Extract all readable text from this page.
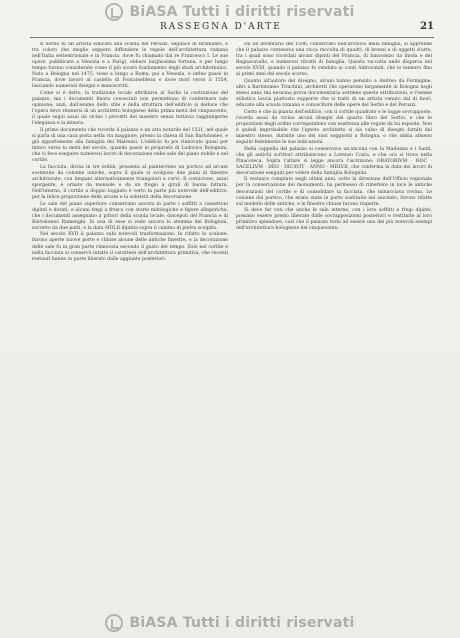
BiASA Tutti i diritti riservati
RASSEGNA D'ARTE	21

Il Serlio fu un artista educato alla scuola del Peruzzi, seguace di Bramante, e tra coloro che meglio seppero diffondere le regole dell'architettura romana nell'Italia settentrionale e in Francia, dove fu chiamato dal re Francesco I. Le sue opere, pubblicate a Venezia e a Parigi, ebbero larghissima fortuna, e per lungo tempo furono considerate come il più sicuro fondamento degli studi architettonici. Nato a Bologna nel 1475, visse a lungo a Roma, poi a Venezia, e infine passò in Francia, dove lavorò al castello di Fontainebleau e dove morì verso il 1554, lasciando numerosi disegni e manoscritti.

Come si è detto, la tradizione locale attribuiva al Serlio la costruzione del palazzo, ma i documenti finora conosciuti non permettono di confermare tale opinione; anzi, dall'esame dello stile e della struttura dell'edificio si deduce che l'opera deve ritenersi di un architetto bolognese della prima metà del cinquecento, il quale seguì assai da vicino i precetti del maestro senza tuttavia raggiungerne l'eleganza e la misura.

Il primo documento che ricorda il palazzo è un atto notarile del 1521, nel quale si parla di una casa posta nella via maggiore, presso la chiesa di San Bartolomeo, e già appartenente alla famiglia dei Malvezzi. L'edificio fu poi rinnovato quasi per intero verso la metà del secolo, quando passò in proprietà di Lodovico Bolognini, che vi fece eseguire numerosi lavori di decorazione nelle sale del piano nobile e nel cortile.

La facciata, divisa in tre ordini, presenta al pianterreno un portico ad arcate sostenute da colonne ioniche, sopra il quale si svolgono due piani di finestre architravate, con timpani alternativamente triangolari e curvi. Il cornicione, assai sporgente, è ornato da mensole e da un fregio a girali di buona fattura. Nell'interno, il cortile a doppio loggiato è certo la parte più notevole dell'edificio, per la felice proporzione delle arcate e la sobrietà della decorazione.

Le sale del piano superiore conservano ancora in parte i soffitti a cassettoni dipinti e dorati, e alcuni fregi a fresco con storie mitologiche e figure allegoriche, che i documenti assegnano a pittori della scuola locale, discepoli del Francia e di Bartolomeo Ramenghi. In una di esse si vede ancora lo stemma dei Bolognini, sorretto da due putti, e la data MDLII dipinta sopra il camino di pietra scolpita.

Nel secolo XVII il palazzo subì notevoli trasformazioni: fu rifatto lo scalone, furono aperte nuove porte e chiuse alcune delle antiche finestre, e la decorazione delle sale fu in gran parte rinnovata secondo il gusto del tempo. Solo nel cortile e nella facciata si conservò intatto il carattere dell'architettura primitiva, che recenti restauri hanno in parte liberato dalle aggiunte posteriori.

Da un inventario del 1596, conservato nell'archivio della famiglia, si apprende che il palazzo conteneva una ricca raccolta di quadri, di bronzi e di oggetti d'arte, tra i quali sono ricordati alcuni dipinti del Francia, di Innocenzo da Imola e del Bagnacavallo, e numerosi ritratti di famiglia. Questa raccolta andò dispersa nel secolo XVIII, quando il palazzo fu venduto ai conti Aldrovandi, che lo tennero fino ai primi anni del secolo scorso.

Quanto all'autore del disegno, alcuni hanno pensato a Andrea da Formigine, altri a Bartolomeo Triachini, architetti che operarono largamente in Bologna negli stessi anni; ma nessuna prova documentaria sostiene queste attribuzioni, e l'esame stilistico lascia piuttosto supporre che si tratti di un artista venuto dal di fuori, educato alla scuola romana e conoscitore delle opere del Serlio e del Peruzzi.

Certo è che la pianta dell'edificio, con il cortile quadrato e le logge sovrapposte, ricorda assai da vicino alcuni disegni del quarto libro del Serlio, e che le proporzioni degli ordini corrispondono con esattezza alle regole da lui esposte. Non è quindi improbabile che l'ignoto architetto si sia valso di disegni forniti dal maestro stesso, durante uno dei suoi soggiorni a Bologna, o che abbia almeno seguito fedelmente le sue indicazioni.

Nella cappella del palazzo si conservava un'ancona con la Madonna e i Santi, che gli antichi scrittori attribuiscono a Lorenzo Costa, e che ora si trova nella Pinacoteca. Sopra l'altare si legge ancora l'iscrizione: ORATORIVM · HOC · SACELLVM · DEO · DICAVIT · ANNO · MDLVII, che conferma la data dei lavori di decorazione eseguiti per volere della famiglia Bolognini.

Il restauro compiuto negli ultimi anni, sotto la direzione dell'Ufficio regionale per la conservazione dei monumenti, ha permesso di rimettere in luce le antiche decorazioni del cortile e di consolidare la facciata, che minacciava rovina. Le colonne del portico, che erano state in parte sostituite nel seicento, furono rifatte sul modello delle antiche, e le finestre chiuse furono riaperte.

Si deve far voti che anche le sale interne, con i loro soffitti e fregi dipinti, possano essere presto liberate dalle sovrapposizioni posteriori e restituite al loro primitivo splendore, così che il palazzo torni ad essere uno dei più notevoli esempi dell'architettura bolognese del cinquecento.

BiASA Tutti i diritti riservati
